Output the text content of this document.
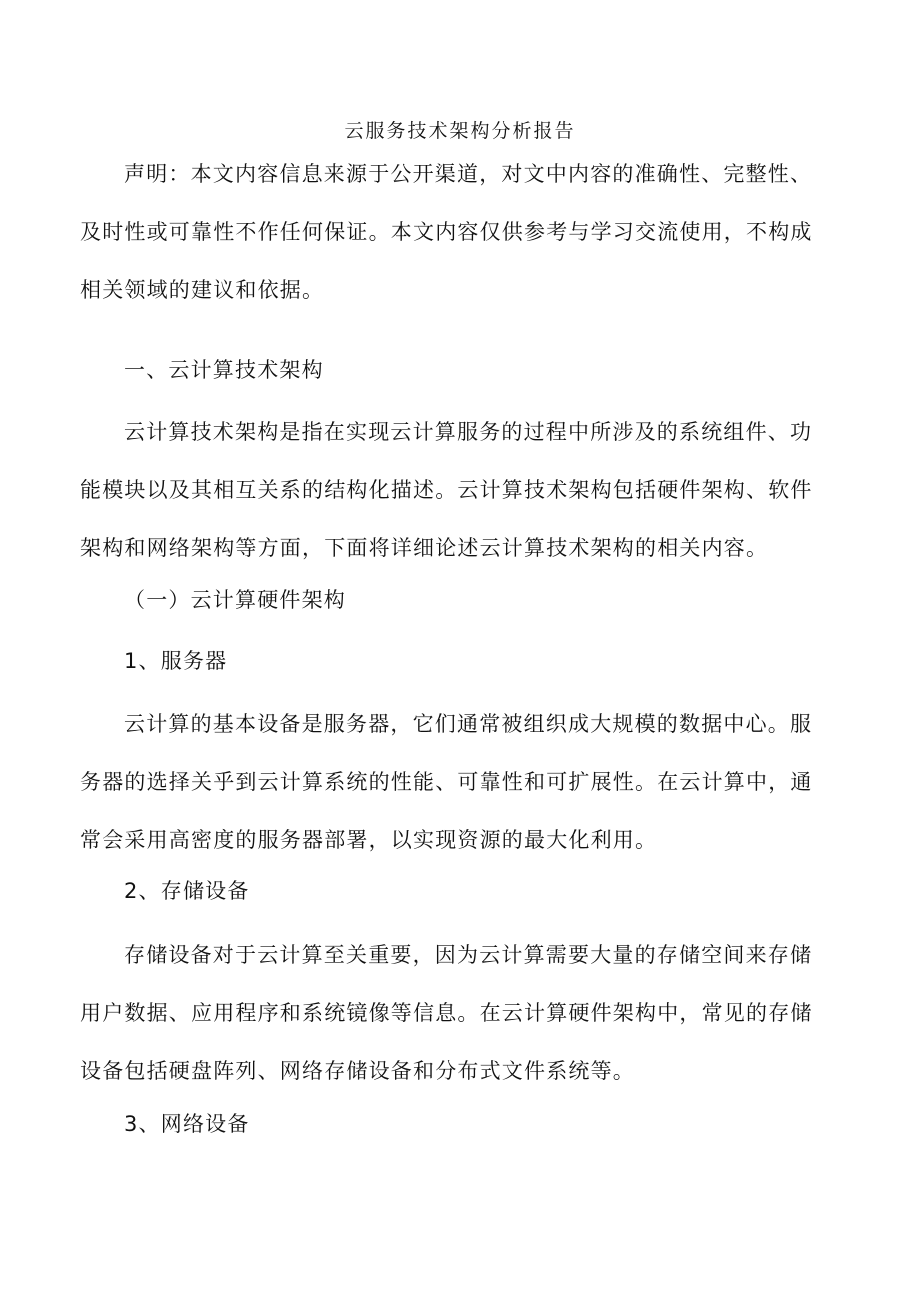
云服务技术架构分析报告
声明：本文内容信息来源于公开渠道，对文中内容的准确性、完整性、
及时性或可靠性不作任何保证。本文内容仅供参考与学习交流使用，不构成
相关领域的建议和依据。
一、云计算技术架构
云计算技术架构是指在实现云计算服务的过程中所涉及的系统组件、功
能模块以及其相互关系的结构化描述。云计算技术架构包括硬件架构、软件
架构和网络架构等方面，下面将详细论述云计算技术架构的相关内容。
（一）云计算硬件架构
1、服务器
云计算的基本设备是服务器，它们通常被组织成大规模的数据中心。服
务器的选择关乎到云计算系统的性能、可靠性和可扩展性。在云计算中，通
常会采用高密度的服务器部署，以实现资源的最大化利用。
2、存储设备
存储设备对于云计算至关重要，因为云计算需要大量的存储空间来存储
用户数据、应用程序和系统镜像等信息。在云计算硬件架构中，常见的存储
设备包括硬盘阵列、网络存储设备和分布式文件系统等。
3、网络设备
